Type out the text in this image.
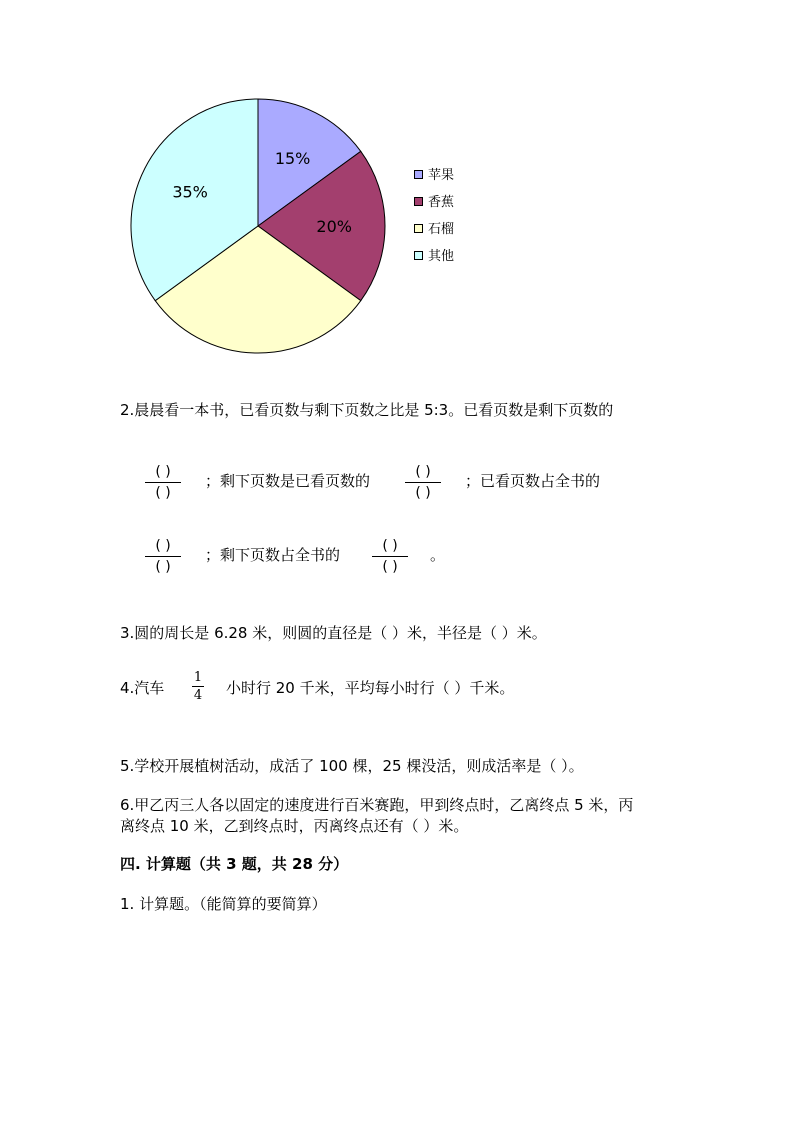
15%
20%
35%
苹果
香蕉
石榴
其他
2.晨晨看一本书，已看页数与剩下页数之比是 5:3。已看页数是剩下页数的
( )
( )
；剩下页数是已看页数的	( )
( )
；已看页数占全书的
( )
( )
；剩下页数占全书的	( )
( )
。
3.圆的周长是 6.28 米，则圆的直径是（ ）米，半径是（ ）米。
4.汽车
1
4 小时行 20 千米，平均每小时行（ ）千米。
5.学校开展植树活动，成活了 100 棵，25 棵没活，则成活率是（ ）。
6.甲乙丙三人各以固定的速度进行百米赛跑，甲到终点时，乙离终点 5 米，丙
离终点 10 米，乙到终点时，丙离终点还有（ ）米。
四. 计算题（共 3 题，共 28 分）
1. 计算题。（能简算的要简算）
